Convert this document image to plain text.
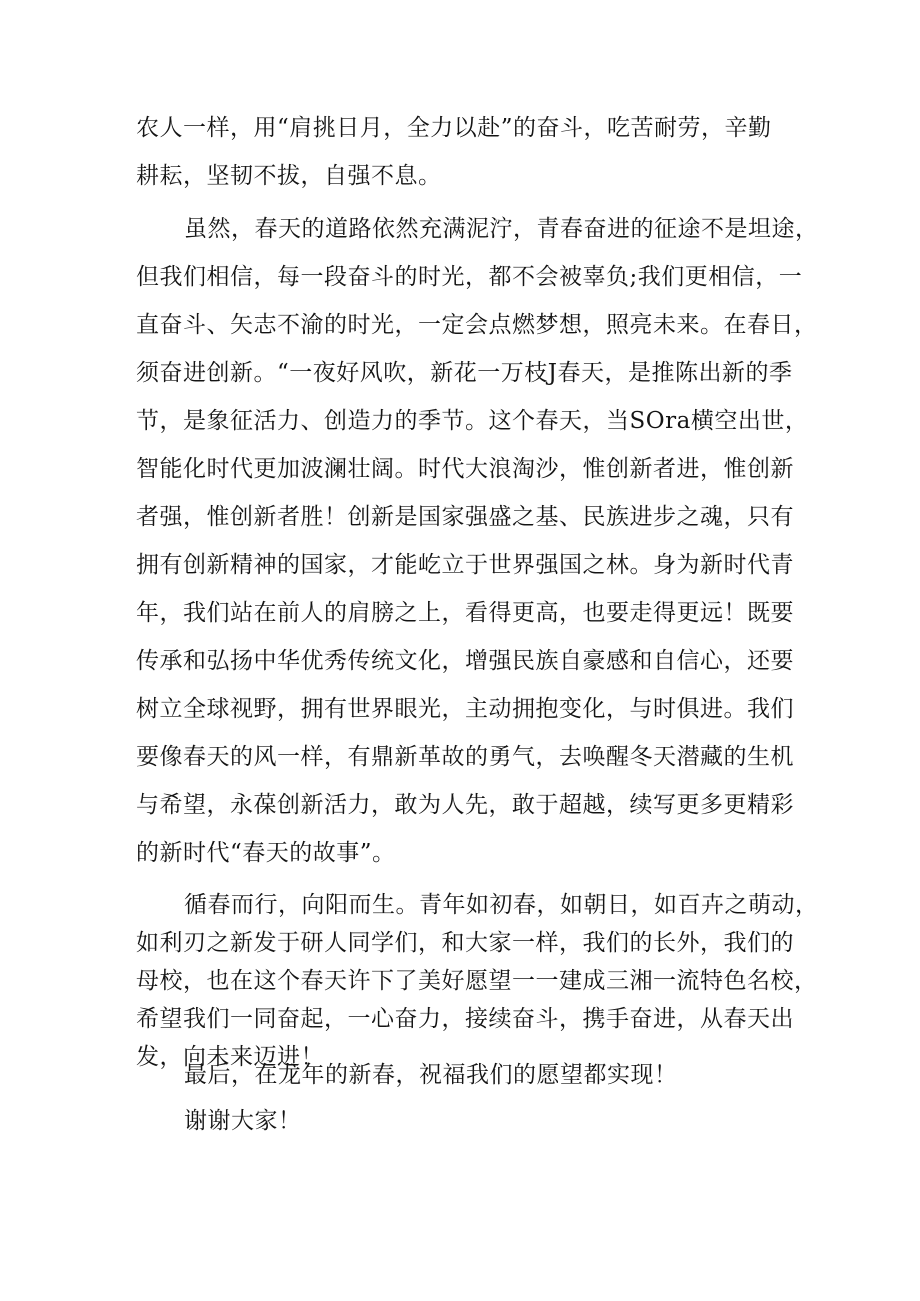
农人一样，用“肩挑日月，全力以赴”的奋斗，吃苦耐劳，辛勤
耕耘，坚韧不拔，自强不息。
虽然，春天的道路依然充满泥泞，青春奋进的征途不是坦途，
但我们相信，每一段奋斗的时光，都不会被辜负;我们更相信，一
直奋斗、矢志不渝的时光，一定会点燃梦想，照亮未来。在春日，
须奋进创新。“一夜好风吹，新花一万枝J春天，是推陈出新的季
节，是象征活力、创造力的季节。这个春天，当SOra横空出世，
智能化时代更加波澜壮阔。时代大浪淘沙，惟创新者进，惟创新
者强，惟创新者胜！创新是国家强盛之基、民族进步之魂，只有
拥有创新精神的国家，才能屹立于世界强国之林。身为新时代青
年，我们站在前人的肩膀之上，看得更高，也要走得更远！既要
传承和弘扬中华优秀传统文化，增强民族自豪感和自信心，还要
树立全球视野，拥有世界眼光，主动拥抱变化，与时俱进。我们
要像春天的风一样，有鼎新革故的勇气，去唤醒冬天潜藏的生机
与希望，永葆创新活力，敢为人先，敢于超越，续写更多更精彩
的新时代“春天的故事”。
循春而行，向阳而生。青年如初春，如朝日，如百卉之萌动，
如利刃之新发于研人同学们，和大家一样，我们的长外，我们的
母校，也在这个春天许下了美好愿望一一建成三湘一流特色名校，
希望我们一同奋起，一心奋力，接续奋斗，携手奋进，从春天出
发，向未来迈进！
最后，在龙年的新春，祝福我们的愿望都实现！
谢谢大家！
